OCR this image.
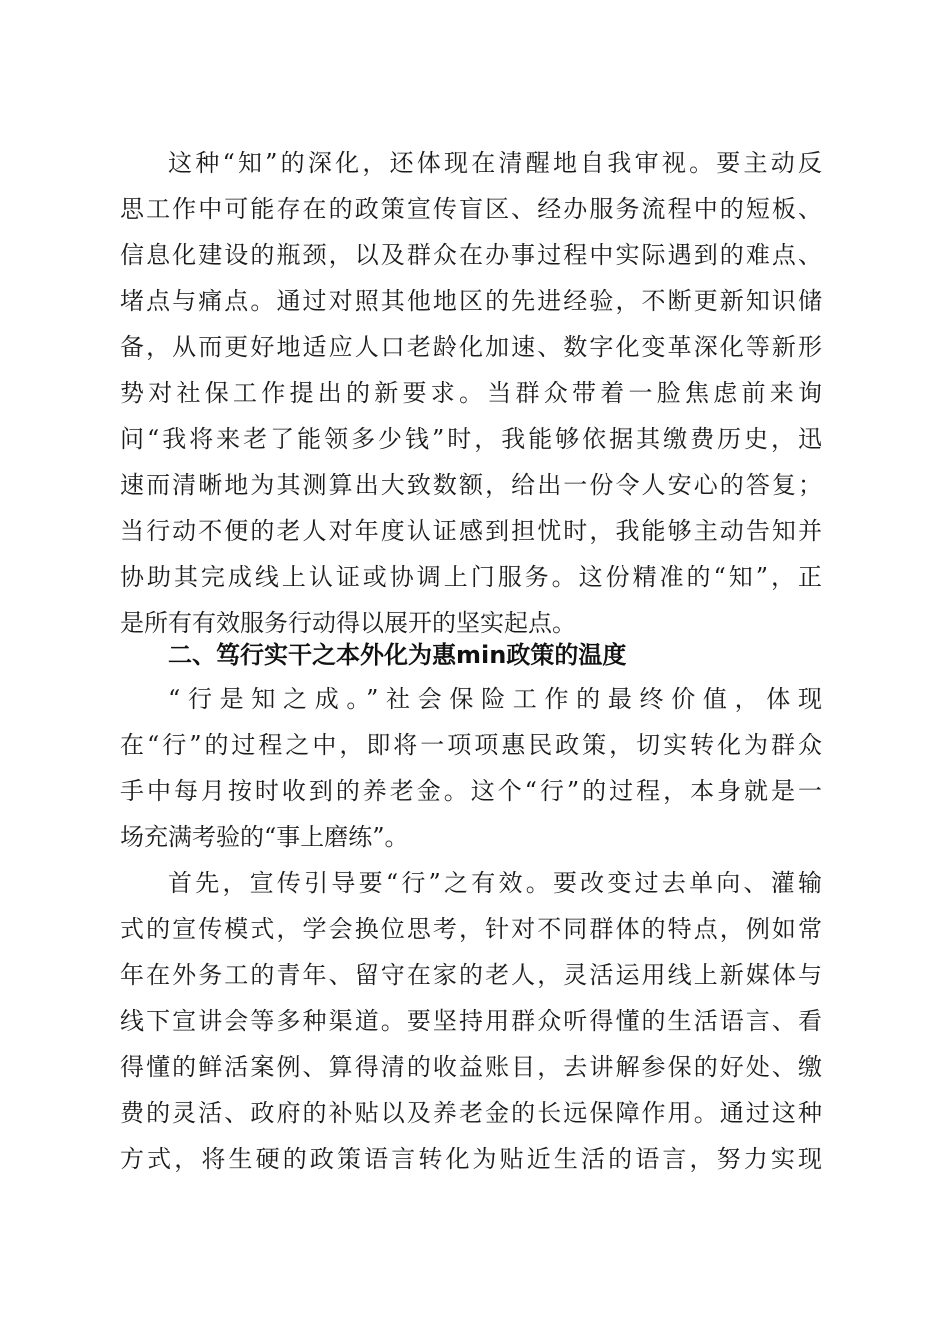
这种“知”的深化，还体现在清醒地自我审视。要主动反
思工作中可能存在的政策宣传盲区、经办服务流程中的短板、
信息化建设的瓶颈，以及群众在办事过程中实际遇到的难点、
堵点与痛点。通过对照其他地区的先进经验，不断更新知识储
备，从而更好地适应人口老龄化加速、数字化变革深化等新形
势对社保工作提出的新要求。当群众带着一脸焦虑前来询
问“我将来老了能领多少钱”时，我能够依据其缴费历史，迅
速而清晰地为其测算出大致数额，给出一份令人安心的答复；
当行动不便的老人对年度认证感到担忧时，我能够主动告知并
协助其完成线上认证或协调上门服务。这份精准的“知”，正
是所有有效服务行动得以展开的坚实起点。
二、笃行实干之本外化为惠min政策的温度
“行是知之成。”社会保险工作的最终价值，体现
在“行”的过程之中，即将一项项惠民政策，切实转化为群众
手中每月按时收到的养老金。这个“行”的过程，本身就是一
场充满考验的“事上磨练”。
首先，宣传引导要“行”之有效。要改变过去单向、灌输
式的宣传模式，学会换位思考，针对不同群体的特点，例如常
年在外务工的青年、留守在家的老人，灵活运用线上新媒体与
线下宣讲会等多种渠道。要坚持用群众听得懂的生活语言、看
得懂的鲜活案例、算得清的收益账目，去讲解参保的好处、缴
费的灵活、政府的补贴以及养老金的长远保障作用。通过这种
方式，将生硬的政策语言转化为贴近生活的语言，努力实现
